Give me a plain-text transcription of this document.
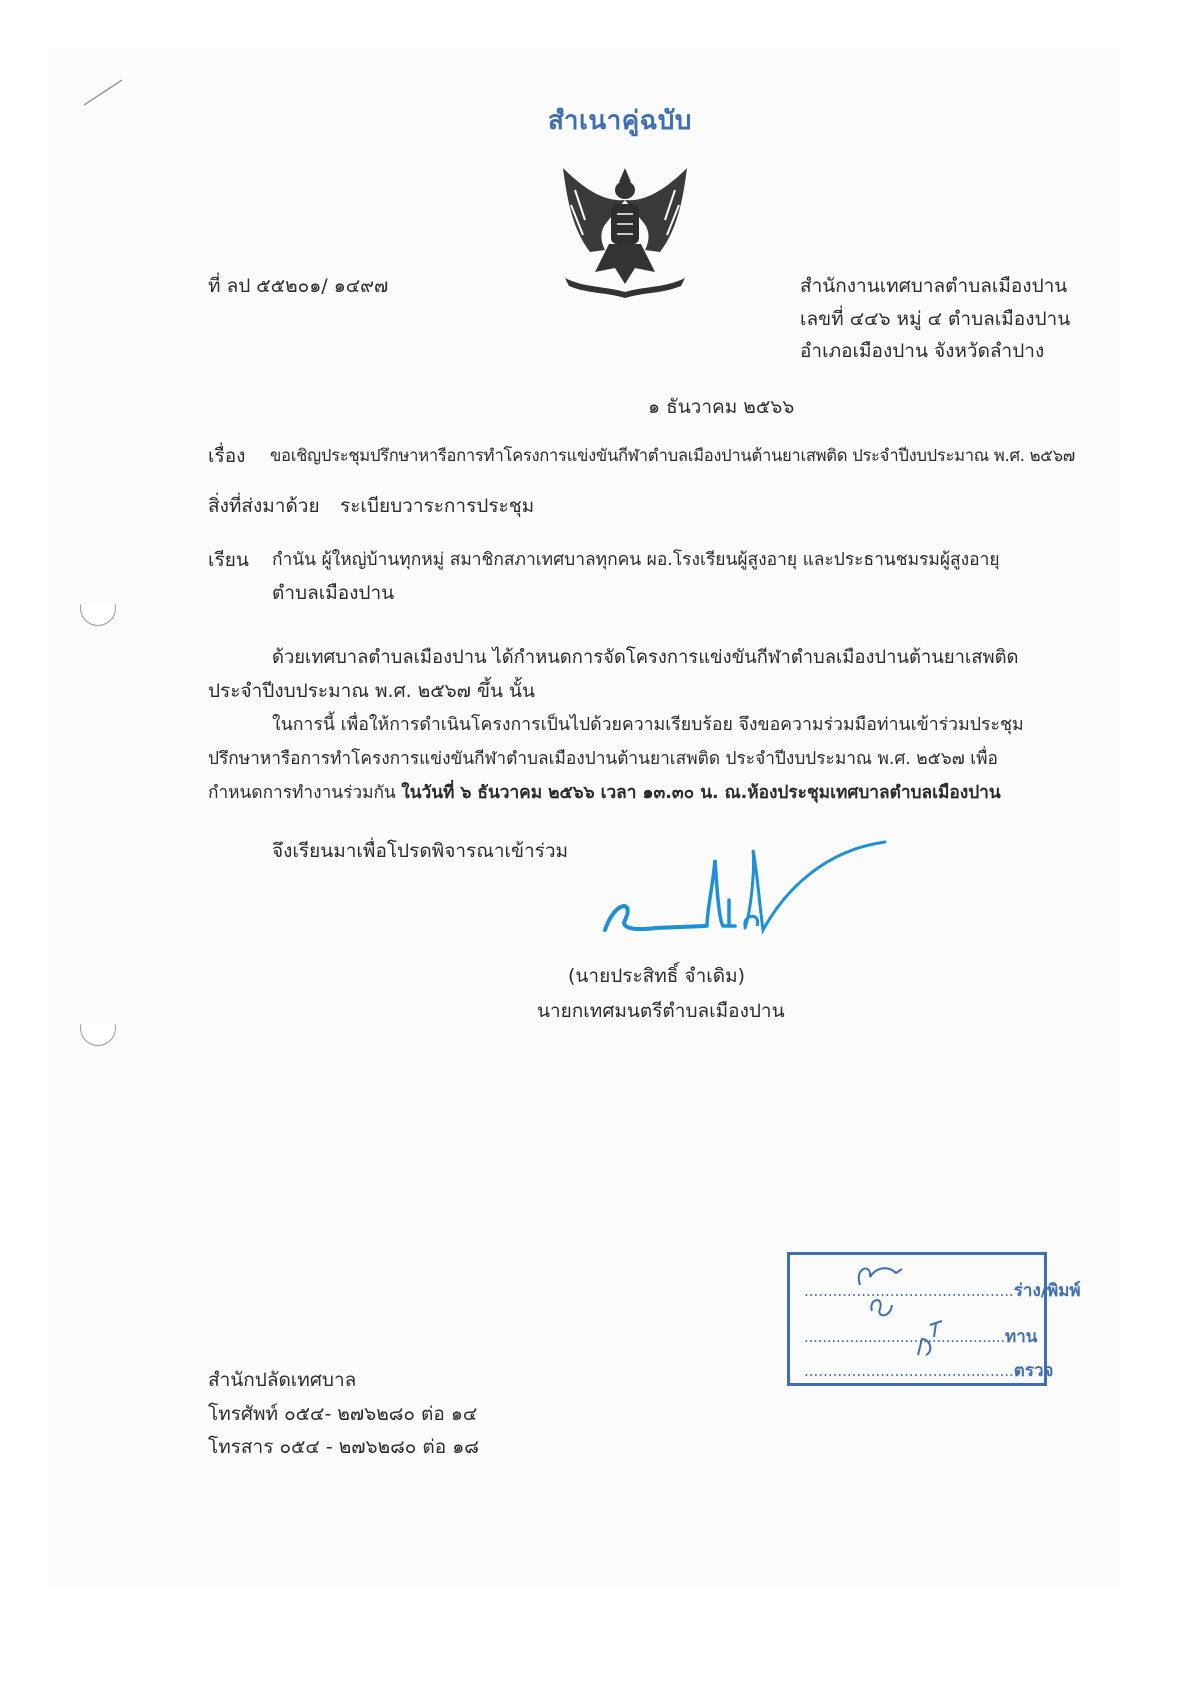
สำเนาคู่ฉบับ
ที่ ลป ๕๕๒๐๑/ ๑๔๙๗	สำนักงานเทศบาลตำบลเมืองปาน
เลขที่ ๔๔๖ หมู่ ๔ ตำบลเมืองปาน
อำเภอเมืองปาน จังหวัดลำปาง
๑ ธันวาคม ๒๕๖๖
เรื่อง ขอเชิญประชุมปรึกษาหารือการทำโครงการแข่งขันกีฬาตำบลเมืองปานต้านยาเสพติด ประจำปีงบประมาณ พ.ศ. ๒๕๖๗
สิ่งที่ส่งมาด้วย ระเบียบวาระการประชุม
เรียน กำนัน ผู้ใหญ่บ้านทุกหมู่ สมาชิกสภาเทศบาลทุกคน ผอ.โรงเรียนผู้สูงอายุ และประธานชมรมผู้สูงอายุ
ตำบลเมืองปาน
ด้วยเทศบาลตำบลเมืองปาน ได้กำหนดการจัดโครงการแข่งขันกีฬาตำบลเมืองปานต้านยาเสพติด
ประจำปีงบประมาณ พ.ศ. ๒๕๖๗ ขึ้น นั้น
ในการนี้ เพื่อให้การดำเนินโครงการเป็นไปด้วยความเรียบร้อย จึงขอความร่วมมือท่านเข้าร่วมประชุม
ปรึกษาหารือการทำโครงการแข่งขันกีฬาตำบลเมืองปานต้านยาเสพติด ประจำปีงบประมาณ พ.ศ. ๒๕๖๗ เพื่อ
กำหนดการทำงานร่วมกัน ในวันที่ ๖ ธันวาคม ๒๕๖๖ เวลา ๑๓.๓๐ น. ณ.ห้องประชุมเทศบาลตำบลเมืองปาน
จึงเรียนมาเพื่อโปรดพิจารณาเข้าร่วม
(นายประสิทธิ์ จำเดิม)
นายกเทศมนตรีตำบลเมืองปาน
สำนักปลัดเทศบาล
โทรศัพท์ ๐๕๔- ๒๗๖๒๘๐ ต่อ ๑๔
โทรสาร ๐๕๔ - ๒๗๖๒๘๐ ต่อ ๑๘
............................................ร่าง/พิมพ์
............................................ทาน
............................................ตรวจ
